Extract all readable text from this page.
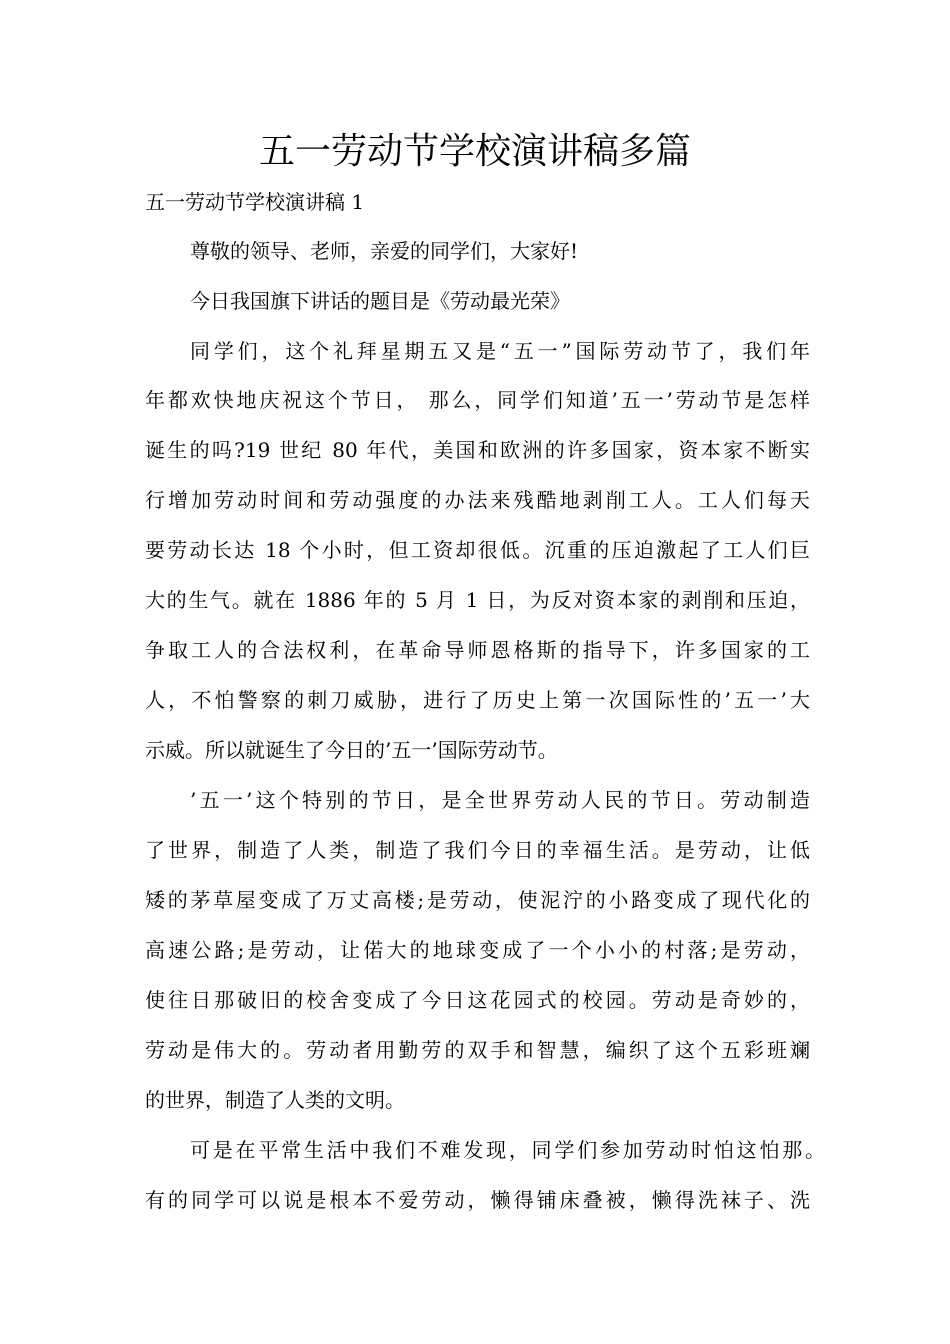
五一劳动节学校演讲稿多篇

五一劳动节学校演讲稿 1

尊敬的领导、老师，亲爱的同学们，大家好!

今日我国旗下讲话的题目是《劳动最光荣》

同学们，这个礼拜星期五又是“五一”国际劳动节了，我们年

年都欢快地庆祝这个节日， 那么，同学们知道’五一’劳动节是怎样

诞生的吗?19 世纪 80 年代，美国和欧洲的许多国家，资本家不断实

行增加劳动时间和劳动强度的办法来残酷地剥削工人。工人们每天

要劳动长达 18 个小时，但工资却很低。沉重的压迫激起了工人们巨

大的生气。就在 1886 年的 5 月 1 日，为反对资本家的剥削和压迫，

争取工人的合法权利，在革命导师恩格斯的指导下，许多国家的工

人，不怕警察的刺刀威胁，进行了历史上第一次国际性的’五一’大

示威。所以就诞生了今日的’五一’国际劳动节。

’五一’这个特别的节日，是全世界劳动人民的节日。劳动制造

了世界，制造了人类，制造了我们今日的幸福生活。是劳动，让低

矮的茅草屋变成了万丈高楼;是劳动，使泥泞的小路变成了现代化的

高速公路;是劳动，让偌大的地球变成了一个小小的村落;是劳动，

使往日那破旧的校舍变成了今日这花园式的校园。劳动是奇妙的，

劳动是伟大的。劳动者用勤劳的双手和智慧，编织了这个五彩班斓

的世界，制造了人类的文明。

可是在平常生活中我们不难发现，同学们参加劳动时怕这怕那。

有的同学可以说是根本不爱劳动，懒得铺床叠被，懒得洗袜子、洗
